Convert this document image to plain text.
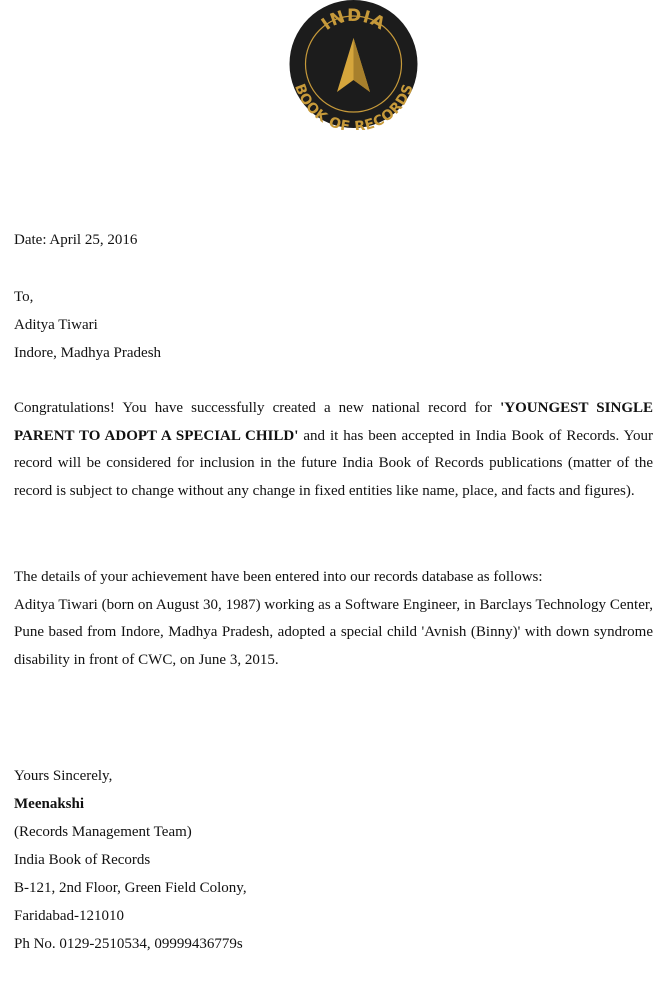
INDIA
BOOK OF RECORDS
Date: April 25, 2016
To,
Aditya Tiwari
Indore, Madhya Pradesh
Congratulations! You have successfully created a new national record for 'YOUNGEST SINGLE PARENT TO ADOPT A SPECIAL CHILD' and it has been accepted in India Book of Records. Your record will be considered for inclusion in the future India Book of Records publications (matter of the record is subject to change without any change in fixed entities like name, place, and facts and figures).
The details of your achievement have been entered into our records database as follows:
Aditya Tiwari (born on August 30, 1987) working as a Software Engineer, in Barclays Technology Center, Pune based from Indore, Madhya Pradesh, adopted a special child 'Avnish (Binny)' with down syndrome disability in front of CWC, on June 3, 2015.
Yours Sincerely,
Meenakshi
(Records Management Team)
India Book of Records
B-121, 2nd Floor, Green Field Colony,
Faridabad-121010
Ph No. 0129-2510534, 09999436779s
